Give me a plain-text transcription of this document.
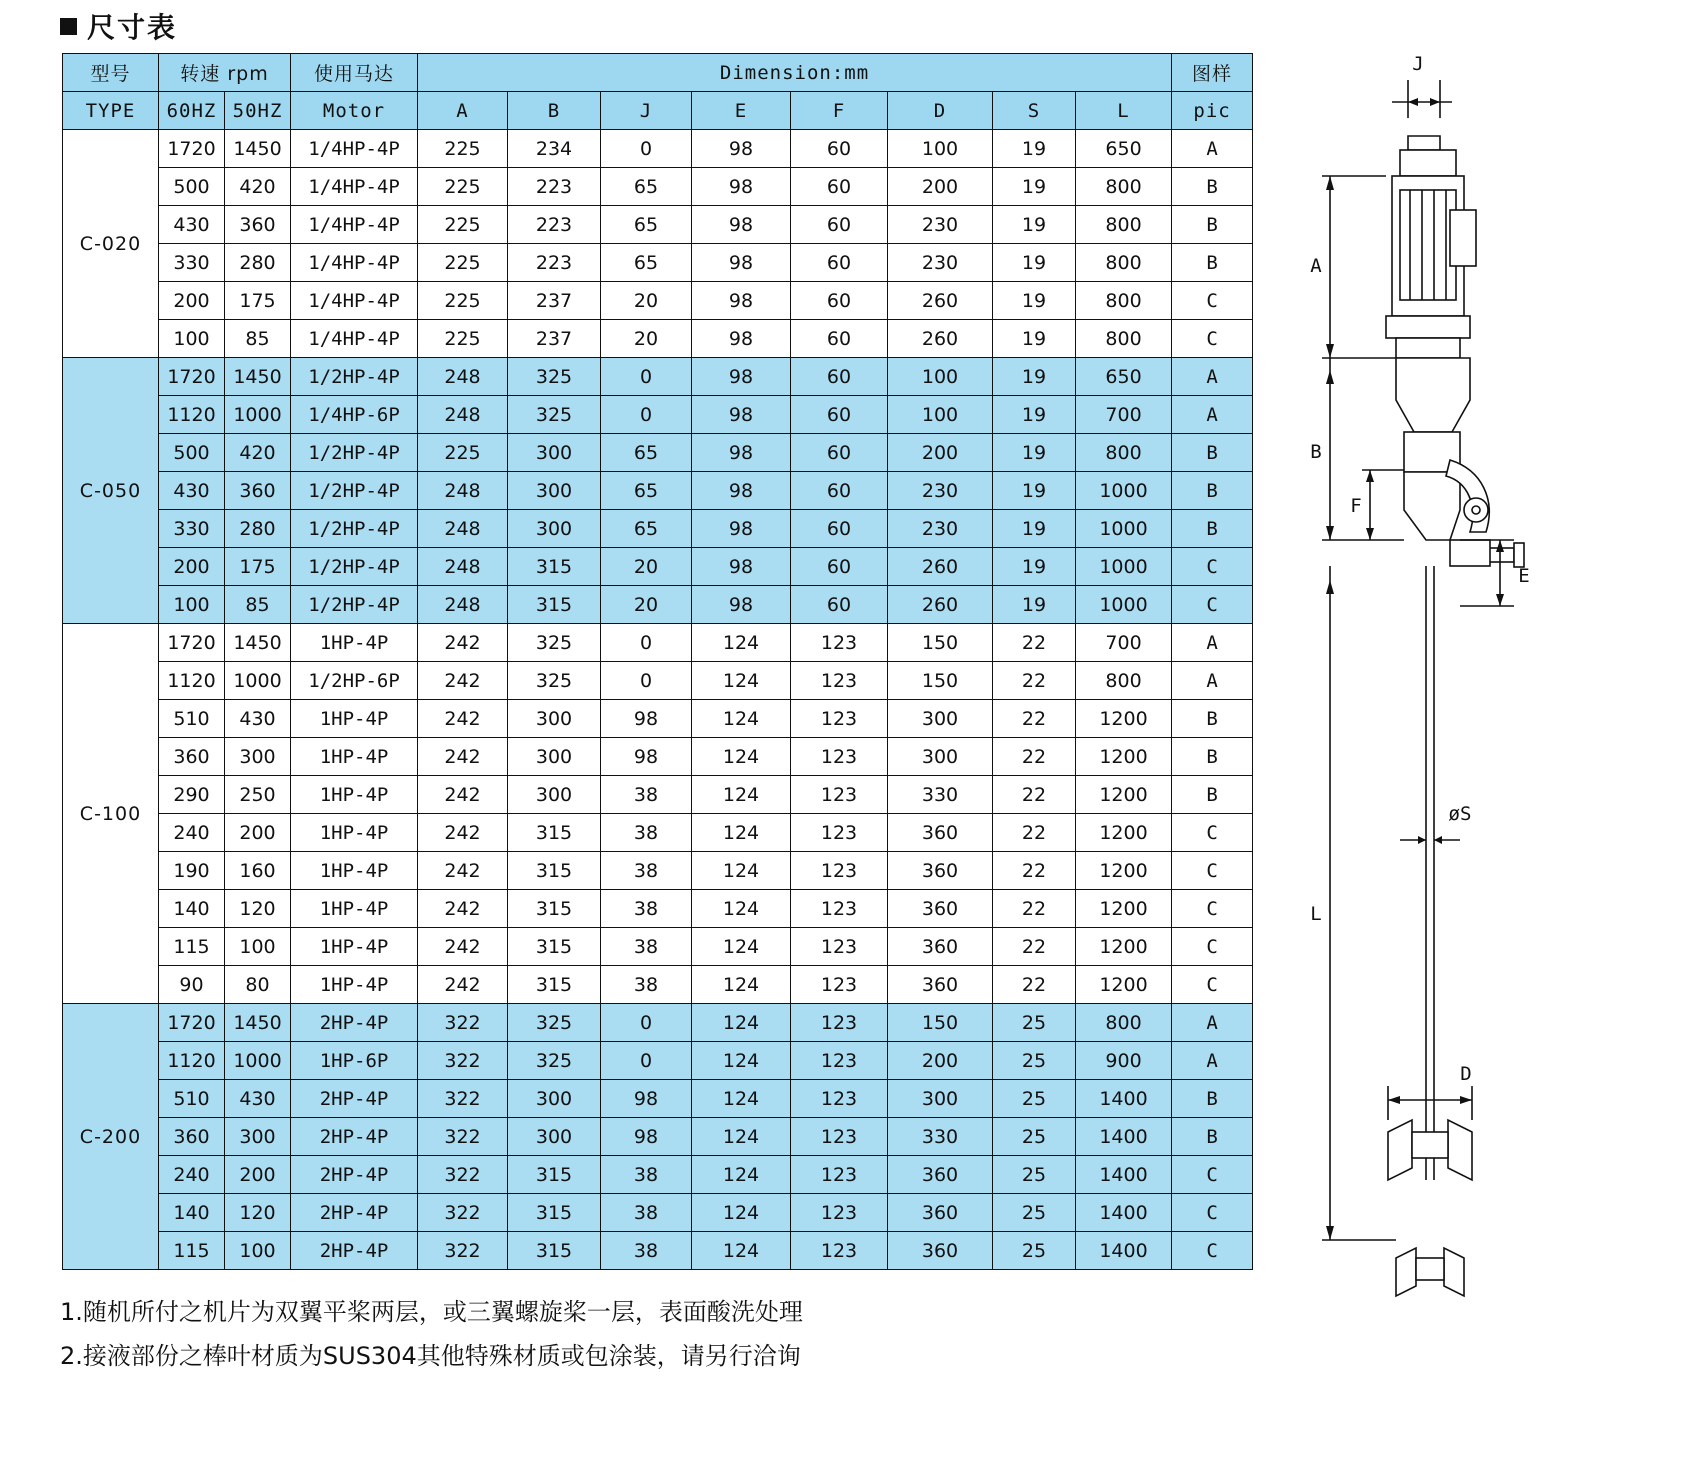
尺寸表
型号	转速 rpm		使用马达	Dimension:mm								图样
TYPE	60HZ	50HZ	Motor	A	B	J	E	F	D	S	L	pic
C-020	1720	1450	1/4HP-4P	225	234	0	98	60	100	19	650	A
	500	420	1/4HP-4P	225	223	65	98	60	200	19	800	B
	430	360	1/4HP-4P	225	223	65	98	60	230	19	800	B
	330	280	1/4HP-4P	225	223	65	98	60	230	19	800	B
	200	175	1/4HP-4P	225	237	20	98	60	260	19	800	C
	100	85	1/4HP-4P	225	237	20	98	60	260	19	800	C
C-050	1720	1450	1/2HP-4P	248	325	0	98	60	100	19	650	A
	1120	1000	1/4HP-6P	248	325	0	98	60	100	19	700	A
	500	420	1/2HP-4P	225	300	65	98	60	200	19	800	B
	430	360	1/2HP-4P	248	300	65	98	60	230	19	1000	B
	330	280	1/2HP-4P	248	300	65	98	60	230	19	1000	B
	200	175	1/2HP-4P	248	315	20	98	60	260	19	1000	C
	100	85	1/2HP-4P	248	315	20	98	60	260	19	1000	C
C-100	1720	1450	1HP-4P	242	325	0	124	123	150	22	700	A
	1120	1000	1/2HP-6P	242	325	0	124	123	150	22	800	A
	510	430	1HP-4P	242	300	98	124	123	300	22	1200	B
	360	300	1HP-4P	242	300	98	124	123	300	22	1200	B
	290	250	1HP-4P	242	300	38	124	123	330	22	1200	B
	240	200	1HP-4P	242	315	38	124	123	360	22	1200	C
	190	160	1HP-4P	242	315	38	124	123	360	22	1200	C
	140	120	1HP-4P	242	315	38	124	123	360	22	1200	C
	115	100	1HP-4P	242	315	38	124	123	360	22	1200	C
	90	80	1HP-4P	242	315	38	124	123	360	22	1200	C
C-200	1720	1450	2HP-4P	322	325	0	124	123	150	25	800	A
	1120	1000	1HP-6P	322	325	0	124	123	200	25	900	A
	510	430	2HP-4P	322	300	98	124	123	300	25	1400	B
	360	300	2HP-4P	322	300	98	124	123	330	25	1400	B
	240	200	2HP-4P	322	315	38	124	123	360	25	1400	C
	140	120	2HP-4P	322	315	38	124	123	360	25	1400	C
	115	100	2HP-4P	322	315	38	124	123	360	25	1400	C
1.随机所付之机片为双翼平桨两层，或三翼螺旋桨一层，表面酸洗处理
2.接液部份之棒叶材质为SUS304其他特殊材质或包涂装，请另行洽询
J
A
B
F
E
øS
L
D
